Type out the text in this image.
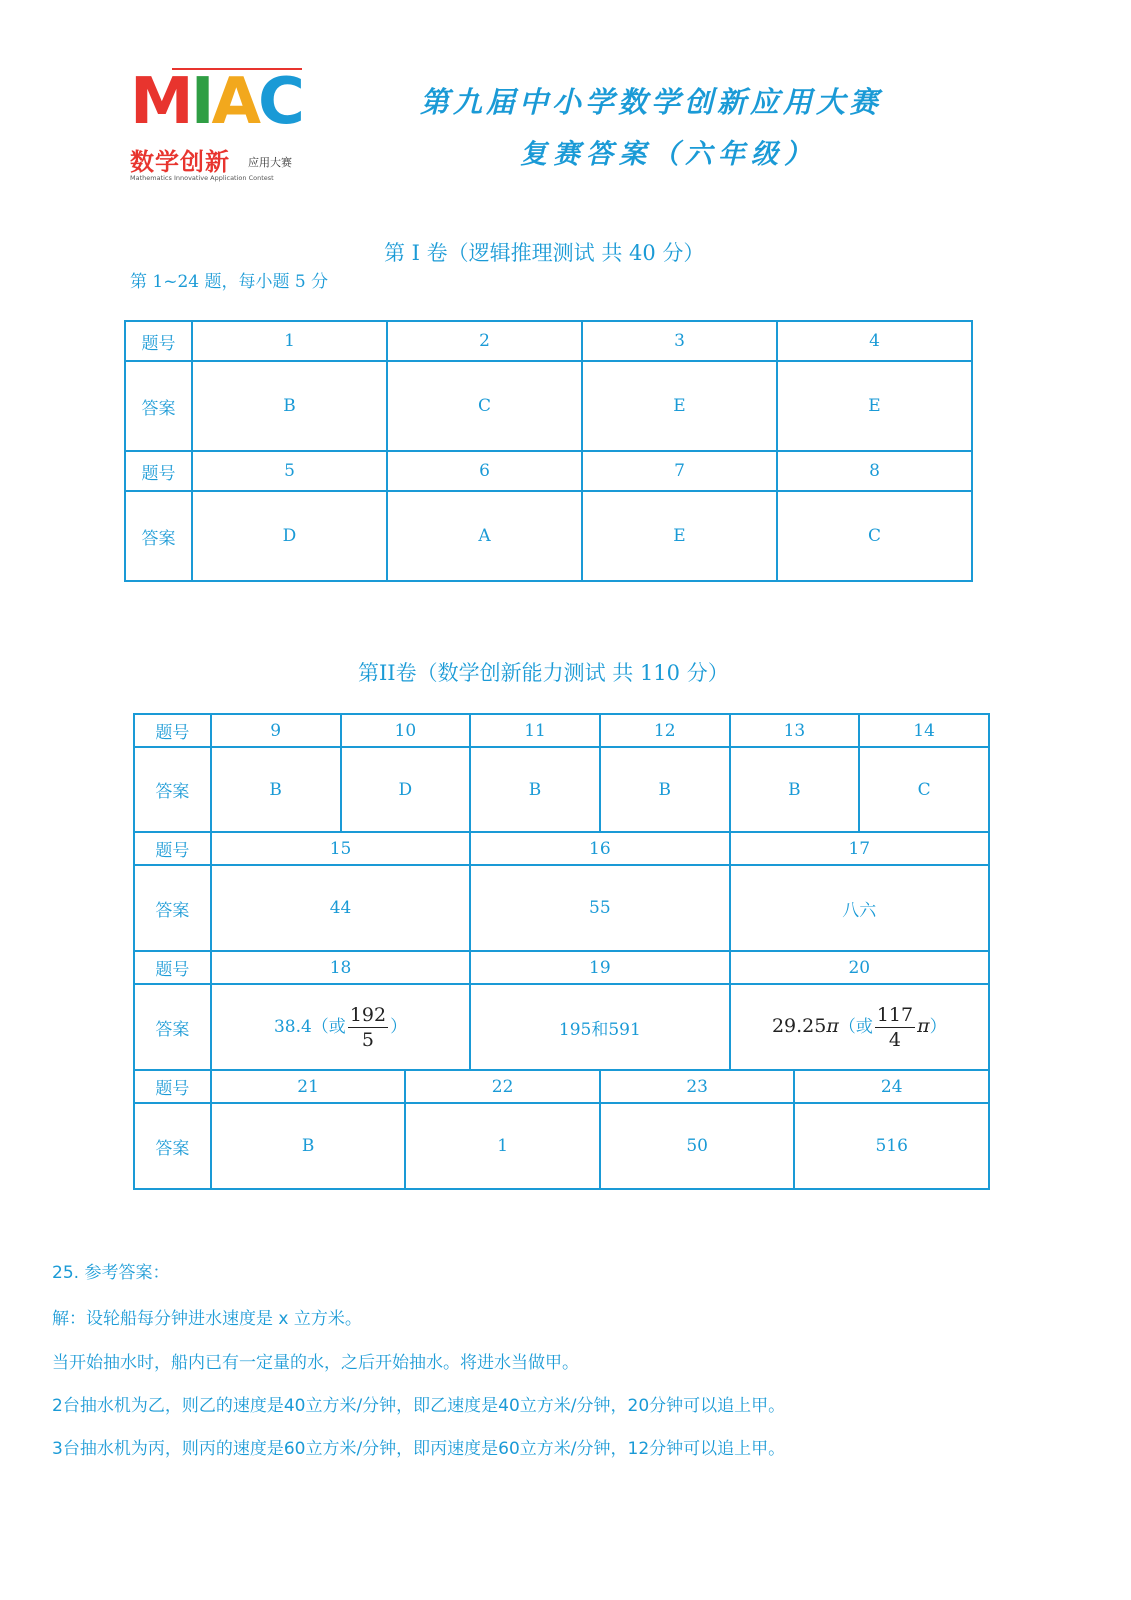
MIAC
数学创新 应用大赛
Mathematics Innovative Application Contest
第九届中小学数学创新应用大赛
复赛答案（六年级）
第 I 卷（逻辑推理测试 共 40 分）
第 1~24 题，每小题 5 分
题号	1	2	3	4
答案	B	C	E	E
题号	5	6	7	8
答案	D	A	E	C
第II卷（数学创新能力测试 共 110 分）
题号	9	10	11	12	13	14
答案	B	D	B	B	B	C
题号	15	16	17
答案	44	55	八六
题号	18	19	20
答案	38.4（或 $\frac{192}{5}$ ）	195和591	29.25π（或 $\frac{117}{4} \pi$）
题号	21	22	23	24
答案	B	1	50	516
25. 参考答案：
解：设轮船每分钟进水速度是 x 立方米。
当开始抽水时，船内已有一定量的水，之后开始抽水。将进水当做甲。
2台抽水机为乙，则乙的速度是40立方米/分钟，即乙速度是40立方米/分钟，20分钟可以追上甲。
3台抽水机为丙，则丙的速度是60立方米/分钟，即丙速度是60立方米/分钟，12分钟可以追上甲。
